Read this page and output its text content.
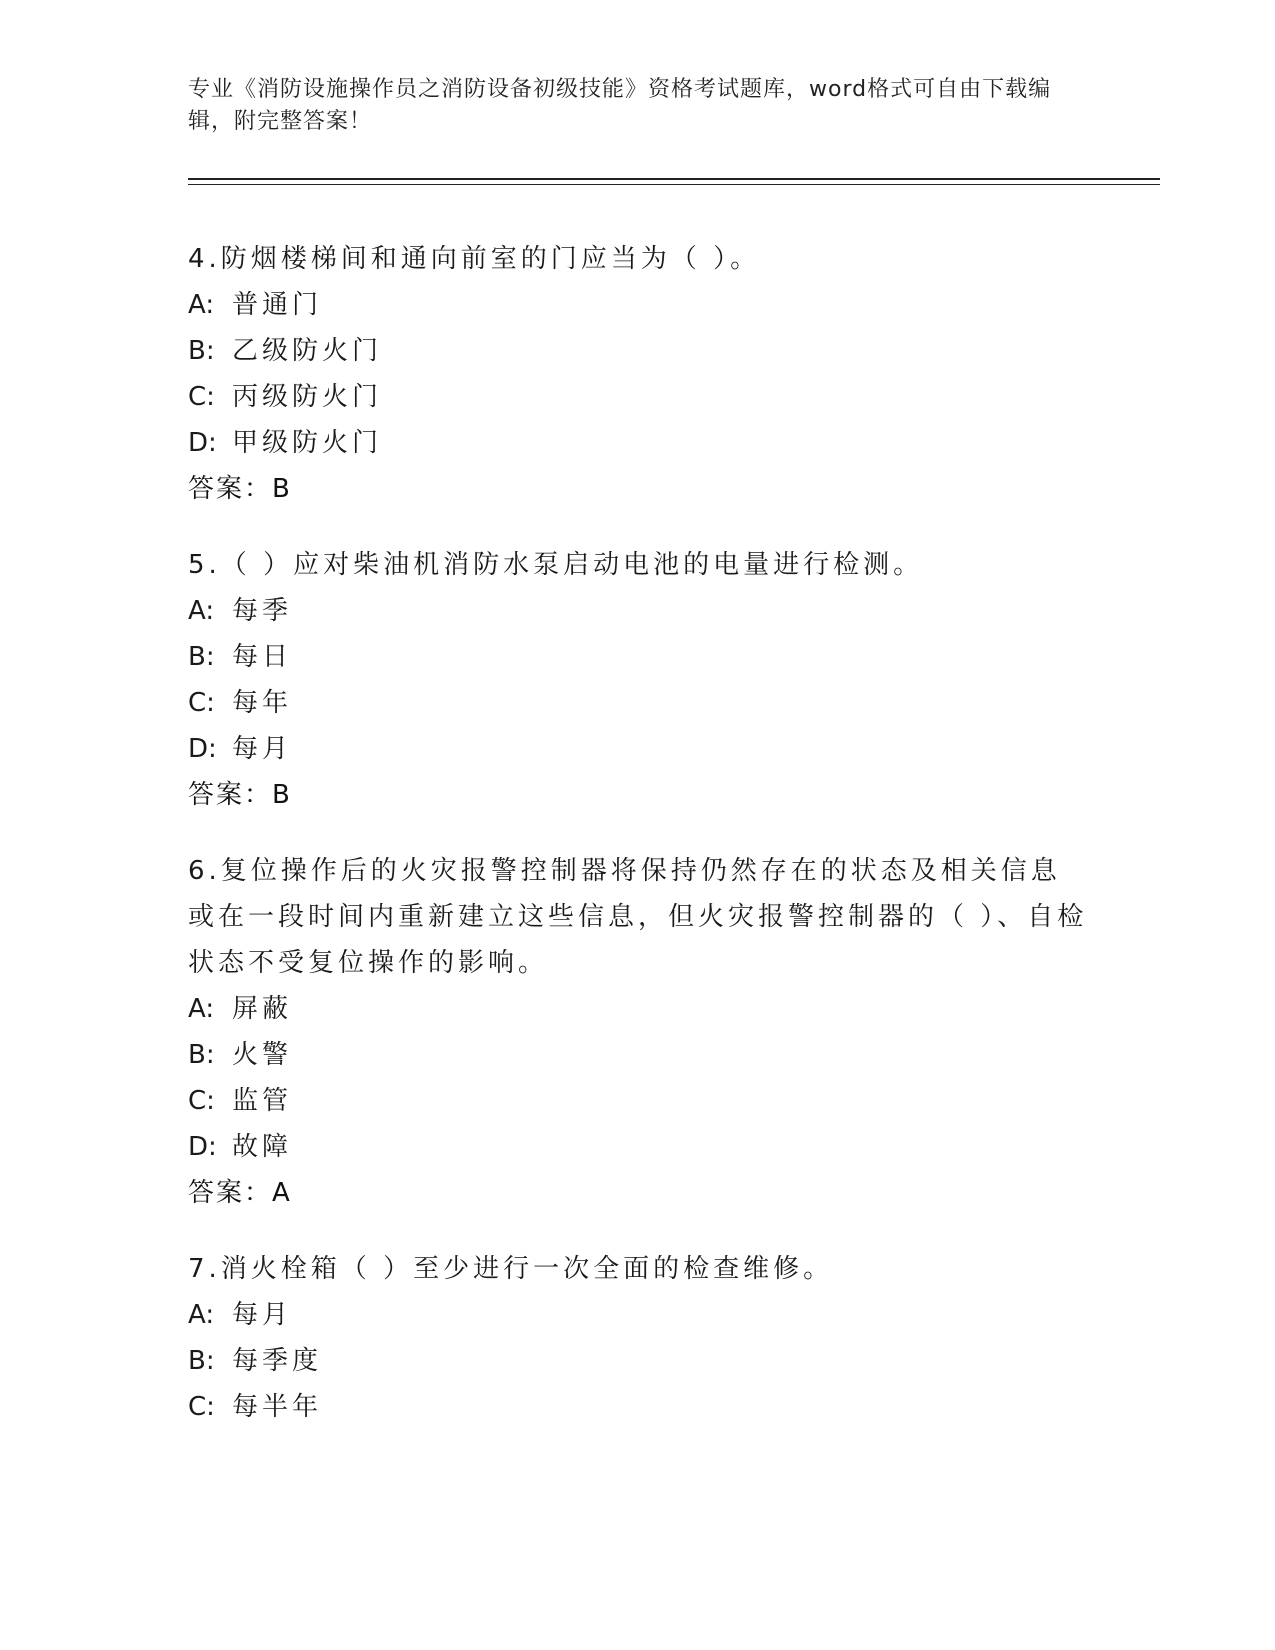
专业《消防设施操作员之消防设备初级技能》资格考试题库，word格式可自由下载编辑，附完整答案！
4.防烟楼梯间和通向前室的门应当为（ ）。
A: 普通门
B: 乙级防火门
C: 丙级防火门
D: 甲级防火门
答案：B
5.（ ）应对柴油机消防水泵启动电池的电量进行检测。
A: 每季
B: 每日
C: 每年
D: 每月
答案：B
6.复位操作后的火灾报警控制器将保持仍然存在的状态及相关信息或在一段时间内重新建立这些信息，但火灾报警控制器的（ ）、自检状态不受复位操作的影响。
A: 屏蔽
B: 火警
C: 监管
D: 故障
答案：A
7.消火栓箱（ ）至少进行一次全面的检查维修。
A: 每月
B: 每季度
C: 每半年
